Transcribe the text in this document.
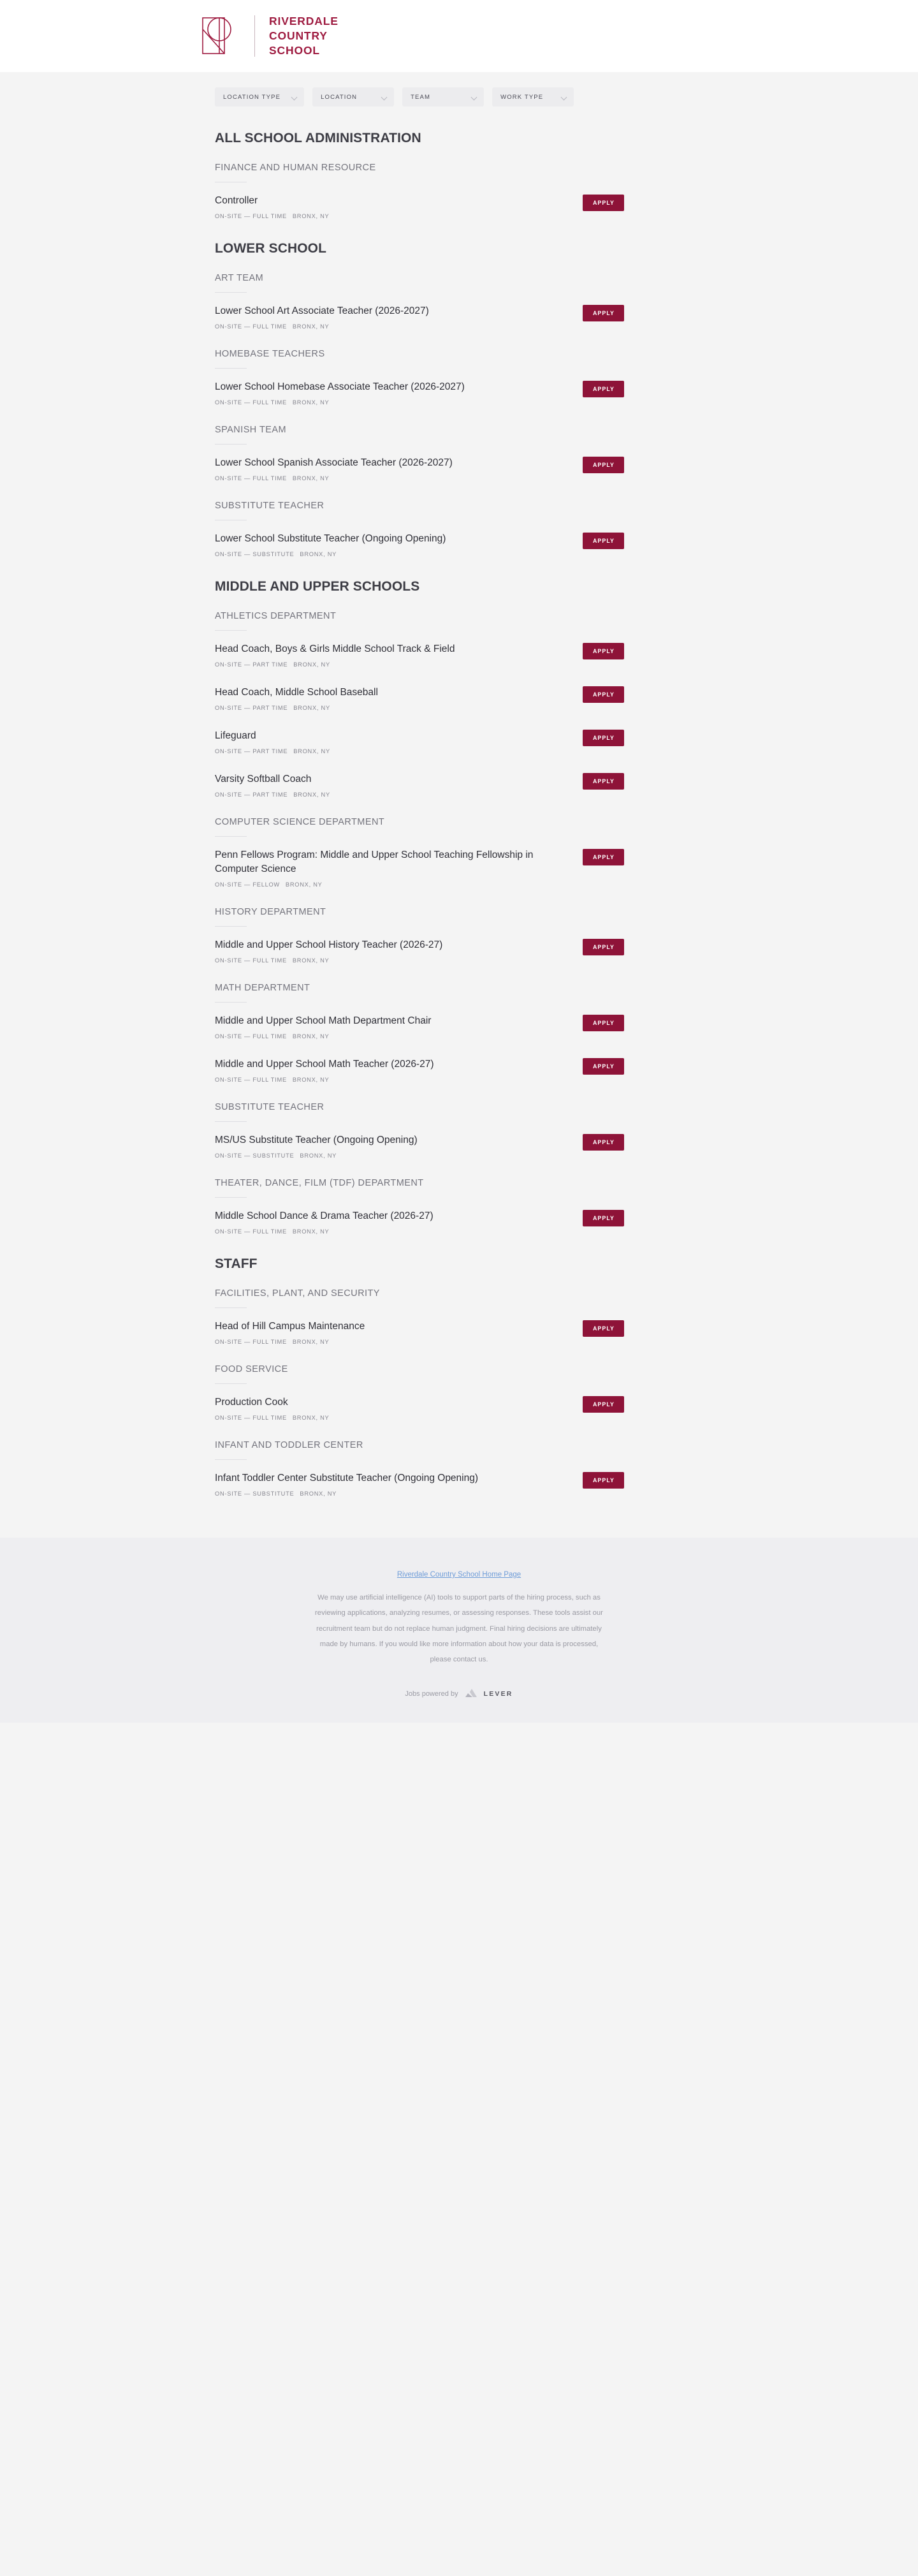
RIVERDALE
COUNTRY
SCHOOL
LOCATION TYPE	LOCATION	TEAM	WORK TYPE
ALL SCHOOL ADMINISTRATION
FINANCE AND HUMAN RESOURCE
Controller
ON-SITE — FULL TIME BRONX, NY
APPLY
LOWER SCHOOL
ART TEAM
Lower School Art Associate Teacher (2026-2027)
ON-SITE — FULL TIME BRONX, NY
APPLY
HOMEBASE TEACHERS
Lower School Homebase Associate Teacher (2026-2027)
ON-SITE — FULL TIME BRONX, NY
APPLY
SPANISH TEAM
Lower School Spanish Associate Teacher (2026-2027)
ON-SITE — FULL TIME BRONX, NY
APPLY
SUBSTITUTE TEACHER
Lower School Substitute Teacher (Ongoing Opening)
ON-SITE — SUBSTITUTE BRONX, NY
APPLY
MIDDLE AND UPPER SCHOOLS
ATHLETICS DEPARTMENT
Head Coach, Boys & Girls Middle School Track & Field
ON-SITE — PART TIME BRONX, NY
APPLY
Head Coach, Middle School Baseball
ON-SITE — PART TIME BRONX, NY
APPLY
Lifeguard
ON-SITE — PART TIME BRONX, NY
APPLY
Varsity Softball Coach
ON-SITE — PART TIME BRONX, NY
APPLY
COMPUTER SCIENCE DEPARTMENT
Penn Fellows Program: Middle and Upper School Teaching Fellowship in Computer Science
ON-SITE — FELLOW BRONX, NY
APPLY
HISTORY DEPARTMENT
Middle and Upper School History Teacher (2026-27)
ON-SITE — FULL TIME BRONX, NY
APPLY
MATH DEPARTMENT
Middle and Upper School Math Department Chair
ON-SITE — FULL TIME BRONX, NY
APPLY
Middle and Upper School Math Teacher (2026-27)
ON-SITE — FULL TIME BRONX, NY
APPLY
SUBSTITUTE TEACHER
MS/US Substitute Teacher (Ongoing Opening)
ON-SITE — SUBSTITUTE BRONX, NY
APPLY
THEATER, DANCE, FILM (TDF) DEPARTMENT
Middle School Dance & Drama Teacher (2026-27)
ON-SITE — FULL TIME BRONX, NY
APPLY
STAFF
FACILITIES, PLANT, AND SECURITY
Head of Hill Campus Maintenance
ON-SITE — FULL TIME BRONX, NY
APPLY
FOOD SERVICE
Production Cook
ON-SITE — FULL TIME BRONX, NY
APPLY
INFANT AND TODDLER CENTER
Infant Toddler Center Substitute Teacher (Ongoing Opening)
ON-SITE — SUBSTITUTE BRONX, NY
APPLY
Riverdale Country School Home Page

We may use artificial intelligence (AI) tools to support parts of the hiring process, such as reviewing applications, analyzing resumes, or assessing responses. These tools assist our recruitment team but do not replace human judgment. Final hiring decisions are ultimately made by humans. If you would like more information about how your data is processed, please contact us.

Jobs powered by	LEVER
